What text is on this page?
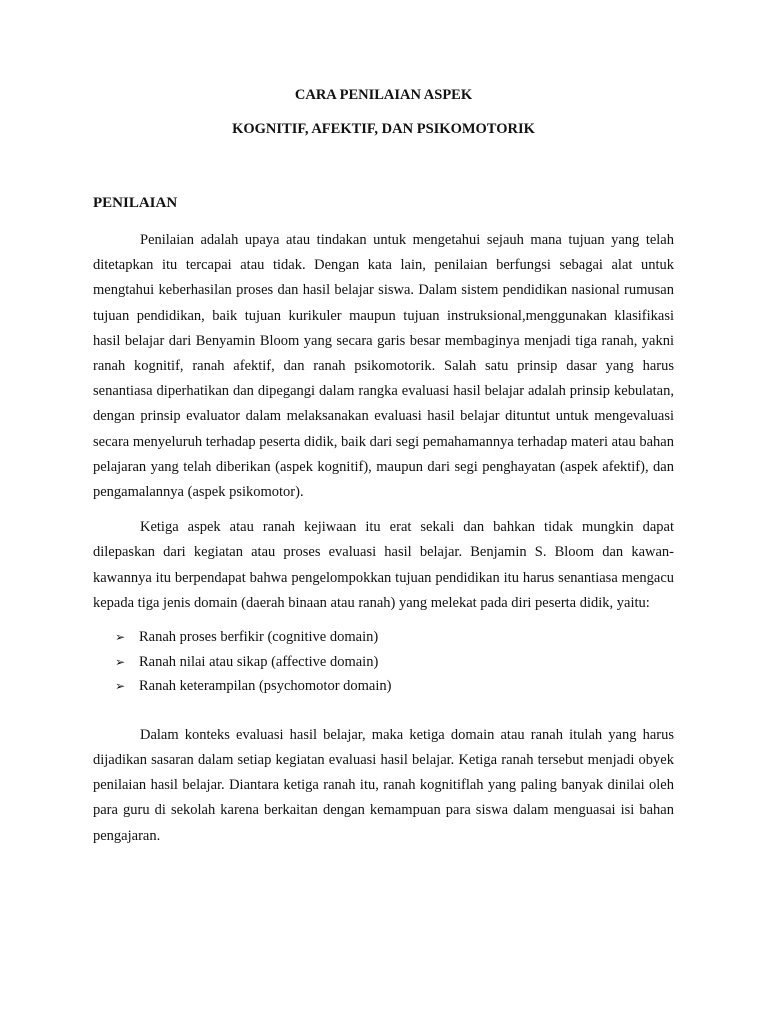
CARA PENILAIAN ASPEK
KOGNITIF, AFEKTIF, DAN PSIKOMOTORIK
PENILAIAN

Penilaian adalah upaya atau tindakan untuk mengetahui sejauh mana tujuan yang telah ditetapkan itu tercapai atau tidak. Dengan kata lain, penilaian berfungsi sebagai alat untuk mengtahui keberhasilan proses dan hasil belajar siswa. Dalam sistem pendidikan nasional rumusan tujuan pendidikan, baik tujuan kurikuler maupun tujuan instruksional,menggunakan klasifikasi hasil belajar dari Benyamin Bloom yang secara garis besar membaginya menjadi tiga ranah, yakni ranah kognitif, ranah afektif, dan ranah psikomotorik. Salah satu prinsip dasar yang harus senantiasa diperhatikan dan dipegangi dalam rangka evaluasi hasil belajar adalah prinsip kebulatan, dengan prinsip evaluator dalam melaksanakan evaluasi hasil belajar dituntut untuk mengevaluasi secara menyeluruh terhadap peserta didik, baik dari segi pemahamannya terhadap materi atau bahan pelajaran yang telah diberikan (aspek kognitif), maupun dari segi penghayatan (aspek afektif), dan pengamalannya (aspek psikomotor).

Ketiga aspek atau ranah kejiwaan itu erat sekali dan bahkan tidak mungkin dapat dilepaskan dari kegiatan atau proses evaluasi hasil belajar. Benjamin S. Bloom dan kawan-kawannya itu berpendapat bahwa pengelompokkan tujuan pendidikan itu harus senantiasa mengacu kepada tiga jenis domain (daerah binaan atau ranah) yang melekat pada diri peserta didik, yaitu:

➢ Ranah proses berfikir (cognitive domain)
➢ Ranah nilai atau sikap (affective domain)
➢ Ranah keterampilan (psychomotor domain)

Dalam konteks evaluasi hasil belajar, maka ketiga domain atau ranah itulah yang harus dijadikan sasaran dalam setiap kegiatan evaluasi hasil belajar. Ketiga ranah tersebut menjadi obyek penilaian hasil belajar. Diantara ketiga ranah itu, ranah kognitiflah yang paling banyak dinilai oleh para guru di sekolah karena berkaitan dengan kemampuan para siswa dalam menguasai isi bahan pengajaran.
